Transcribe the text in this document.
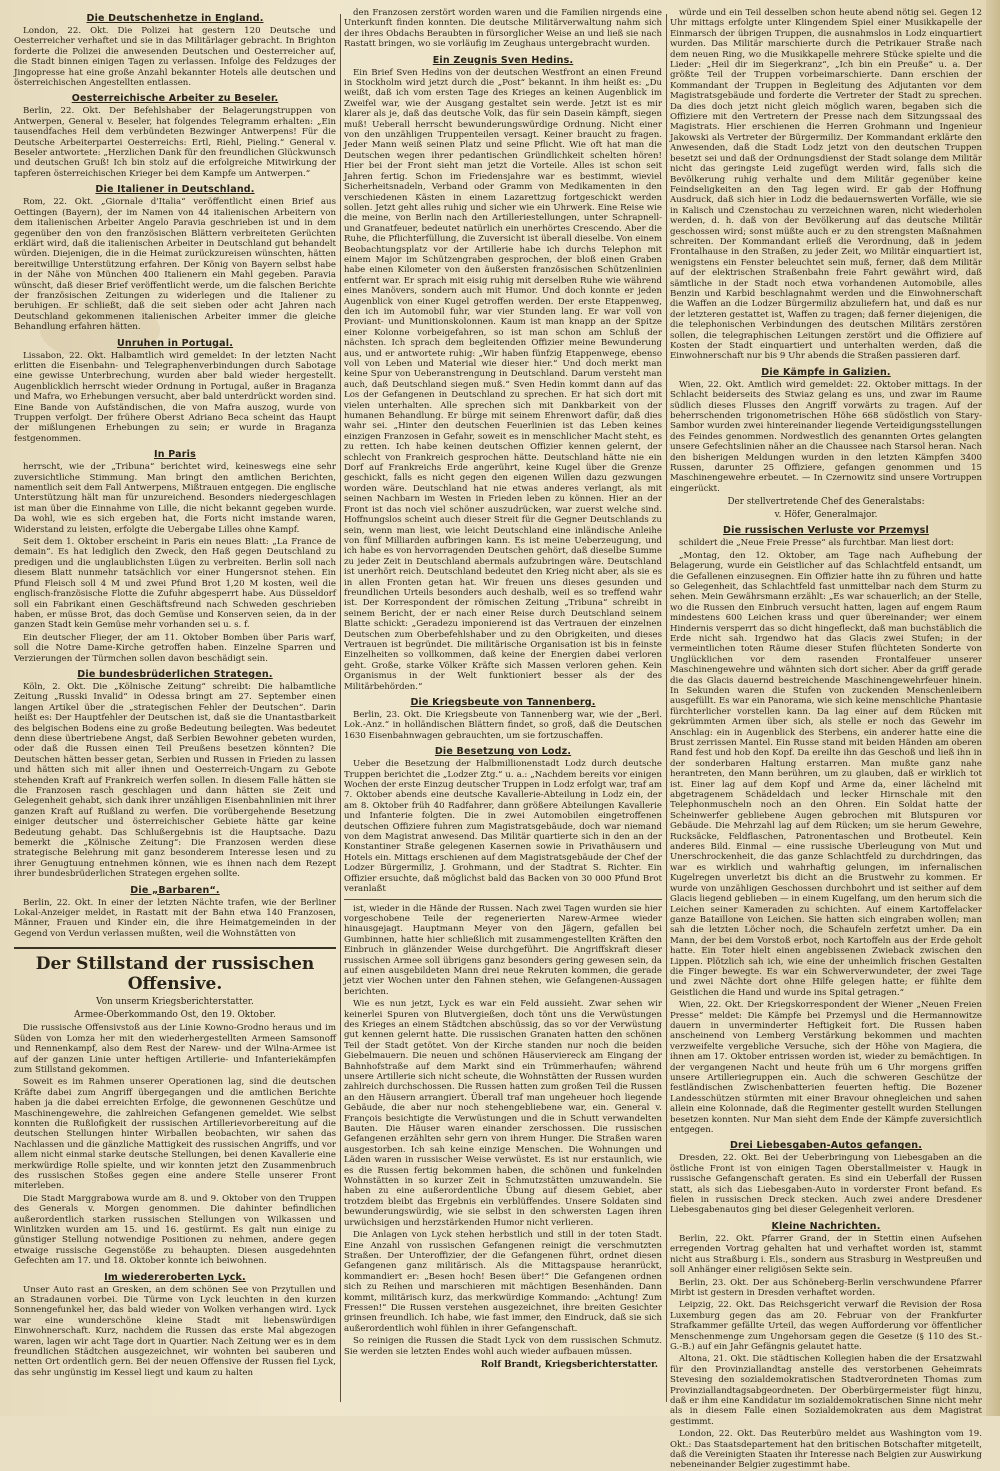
Die Deutschenhetze in England.

London, 22. Okt. Die Polizei hat gestern 120 Deutsche und Oesterreicher verhaftet und sie in das Militärlager gebracht. In Brighton forderte die Polizei die anwesenden Deutschen und Oesterreicher auf, die Stadt binnen einigen Tagen zu verlassen. Infolge des Feldzuges der Jingopresse hat eine große Anzahl bekannter Hotels alle deutschen und österreichischen Angestellten entlassen.

Oesterreichische Arbeiter zu Beseler.

Berlin, 22. Okt. Der Befehlshaber der Belagerungstruppen von Antwerpen, General v. Beseler, hat folgendes Telegramm erhalten: „Ein tausendfaches Heil dem verbündeten Bezwinger Antwerpens! Für die Deutsche Arbeiterpartei Oesterreichs: Ertl, Riehl, Pieling.“ General v. Beseler antwortete: „Herzlichen Dank für den freundlichen Glückwunsch und deutschen Gruß! Ich bin stolz auf die erfolgreiche Mitwirkung der tapferen österreichischen Krieger bei dem Kampfe um Antwerpen.“

Die Italiener in Deutschland.

Rom, 22. Okt. „Giornale d'Italia“ veröffentlicht einen Brief aus Oettingen (Bayern), der im Namen von 44 italienischen Arbeitern von dem italienischen Arbeiter Angelo Paravia geschrieben ist und in dem gegenüber den von den französischen Blättern verbreiteten Gerüchten erklärt wird, daß die italienischen Arbeiter in Deutschland gut behandelt würden. Diejenigen, die in die Heimat zurückzureisen wünschten, hätten bereitwillige Unterstützung erfahren. Der König von Bayern selbst habe in der Nähe von München 400 Italienern ein Mahl gegeben. Paravia wünscht, daß dieser Brief veröffentlicht werde, um die falschen Berichte der französischen Zeitungen zu widerlegen und die Italiener zu beruhigen. Er schließt, daß die seit sieben oder acht Jahren nach Deutschland gekommenen italienischen Arbeiter immer die gleiche Behandlung erfahren hätten.

Unruhen in Portugal.

Lissabon, 22. Okt. Halbamtlich wird gemeldet: In der letzten Nacht erlitten die Eisenbahn- und Telegraphenverbindungen durch Sabotage eine gewisse Unterbrechung, wurden aber bald wieder hergestellt. Augenblicklich herrscht wieder Ordnung in Portugal, außer in Braganza und Mafra, wo Erhebungen versucht, aber bald unterdrückt worden sind. Eine Bande von Aufständischen, die von Mafra auszog, wurde von Truppen verfolgt. Der frühere Oberst Adriano Beca scheint das Haupt der mißlungenen Erhebungen zu sein; er wurde in Braganza festgenommen.

In Paris

herrscht, wie der „Tribuna“ berichtet wird, keineswegs eine sehr zuversichtliche Stimmung. Man bringt den amtlichen Berichten, namentlich seit dem Fall Antwerpens, Mißtrauen entgegen. Die englische Unterstützung hält man für unzureichend. Besonders niedergeschlagen ist man über die Einnahme von Lille, die nicht bekannt gegeben wurde. Da wohl, wie es sich ergeben hat, die Forts nicht imstande waren, Widerstand zu leisten, erfolgte die Uebergabe Lilles ohne Kampf.

Seit dem 1. Oktober erscheint in Paris ein neues Blatt: „La France de demain“. Es hat lediglich den Zweck, den Haß gegen Deutschland zu predigen und die unglaublichsten Lügen zu verbreiten. Berlin soll nach diesem Blatt nunmehr tatsächlich vor einer Hungersnot stehen. Ein Pfund Fleisch soll 4 M und zwei Pfund Brot 1,20 M kosten, weil die englisch-französische Flotte die Zufuhr abgesperrt habe. Aus Düsseldorf soll ein Fabrikant einen Geschäftsfreund nach Schweden geschrieben haben, er müsse Brot, das doch Gemüse und Konserven seien, da in der ganzen Stadt kein Gemüse mehr vorhanden sei u. s. f.

Ein deutscher Flieger, der am 11. Oktober Bomben über Paris warf, soll die Notre Dame-Kirche getroffen haben. Einzelne Sparren und Verzierungen der Türmchen sollen davon beschädigt sein.

Die bundesbrüderlichen Strategen.

Köln, 2. Okt. Die „Kölnische Zeitung“ schreibt: Die halbamtliche Zeitung „Russki Invalid“ in Odessa bringt am 27. September einen langen Artikel über die „strategischen Fehler der Deutschen“. Darin heißt es: Der Hauptfehler der Deutschen ist, daß sie die Unantastbarkeit des belgischen Bodens eine zu große Bedeutung beilegten. Was bedeutet denn diese übertriebene Angst, daß Serbien Bewohner gebeten wurden, oder daß die Russen einen Teil Preußens besetzen könnten? Die Deutschen hätten besser getan, Serbien und Russen in Frieden zu lassen und hätten sich mit aller ihnen und Oesterreich-Ungarn zu Gebote stehenden Kraft auf Frankreich werfen sollen. In diesem Falle hätten sie die Franzosen rasch geschlagen und dann hätten sie Zeit und Gelegenheit gehabt, sich dank ihrer unzähligen Eisenbahnlinien mit ihrer ganzen Kraft auf Rußland zu werfen. Die vorübergehende Besetzung einiger deutscher und österreichischer Gebiete hätte gar keine Bedeutung gehabt. Das Schlußergebnis ist die Hauptsache. Dazu bemerkt die „Kölnische Zeitung“: Die Franzosen werden diese strategische Belehrung mit ganz besonderem Interesse lesen und zu ihrer Genugtuung entnehmen können, wie es ihnen nach dem Rezept ihrer bundesbrüderlichen Strategen ergehen sollte.

Die „Barbaren“.

Berlin, 22. Okt. In einer der letzten Nächte trafen, wie der Berliner Lokal-Anzeiger meldet, in Rastatt mit der Bahn etwa 140 Franzosen, Männer, Frauen und Kinder ein, die ihre Heimatgemeinden in der Gegend von Verdun verlassen mußten, weil die Wohnstätten von

Der Stillstand der russischen Offensive.
Von unserm Kriegsberichterstatter.
Armee-Oberkommando Ost, den 19. Oktober.

Die russische Offensivstoß aus der Linie Kowno-Grodno heraus und im Süden von Lomza her mit den wiederhergestellten Armeen Samsonoff und Rennenkampf, also dem Rest der Narew- und der Wilna-Armee ist auf der ganzen Linie unter heftigen Artillerie- und Infanteriekämpfen zum Stillstand gekommen.

Soweit es im Rahmen unserer Operationen lag, sind die deutschen Kräfte dabei zum Angriff übergegangen und die amtlichen Berichte haben ja die dabei erreichten Erfolge, die gewonnenen Geschütze und Maschinengewehre, die zahlreichen Gefangenen gemeldet. Wie selbst konnten die Rußlofigkeit der russischen Artillerievorbereitung auf die deutschen Stellungen hinter Wirballen beobachten, wir sahen das Nachlassen und die gänzliche Mattigkeit des russischen Angriffs, und vor allem nicht einmal starke deutsche Stellungen, bei denen Kavallerie eine merkwürdige Rolle spielte, und wir konnten jetzt den Zusammenbruch des russischen Stoßes gegen eine andere Stelle unserer Front miterleben.

Die Stadt Marggrabowa wurde am 8. und 9. Oktober von den Truppen des Generals v. Morgen genommen. Die dahinter befindlichen außerordentlich starken russischen Stellungen von Wilkassen und Winlitzken wurden am 15. und 16. gestürmt. Es galt nun einige zu günstiger Stellung notwendige Positionen zu nehmen, andere gegen etwaige russische Gegenstöße zu behaupten. Diesen ausgedehnten Gefechten am 17. und 18. Oktober konnte ich beiwohnen.

Im wiedereroberten Lyck.

Unser Auto rast an Gresken, an dem schönen See von Przytullen und an Stradaunen vorbei. Die Türme von Lyck leuchten in den kurzen Sonnengefunkel her, das bald wieder von Wolken verhangen wird. Lyck war eine wunderschöne kleine Stadt mit liebenswürdigen Einwohnerschaft. Kurz, nachdem die Russen das erste Mal abgezogen waren, lagen wir acht Tage dort in Quartier. Nach Zeitung wer es in dem freundlichen Städtchen ausgezeichnet, wir wohnten bei sauberen und netten Ort ordentlich gern. Bei der neuen Offensive der Russen fiel Lyck, das sehr ungünstig im Kessel liegt und kaum zu halten

den Franzosen zerstört worden waren und die Familien nirgends eine Unterkunft finden konnten. Die deutsche Militärverwaltung nahm sich der ihres Obdachs Beraubten in fürsorglicher Weise an und ließ sie nach Rastatt bringen, wo sie vorläufig im Zeughaus untergebracht wurden.

Ein Zeugnis Sven Hedins.

Ein Brief Sven Hedins von der deutschen Westfront an einen Freund in Stockholm wird jetzt durch die „Post“ bekannt. In ihm heißt es: „Du weißt, daß ich vom ersten Tage des Krieges an keinen Augenblick im Zweifel war, wie der Ausgang gestaltet sein werde. Jetzt ist es mir klarer als je, daß das deutsche Volk, das für sein Dasein kämpft, siegen muß! Ueberall herrscht bewunderungswürdige Ordnung. Nicht einer von den unzähligen Truppenteilen versagt. Keiner braucht zu fragen. Jeder Mann weiß seinen Platz und seine Pflicht. Wie oft hat man die Deutschen wegen ihrer pedantischen Gründlichkeit schelten hören! Hier bei der Front sieht man jetzt die Vorteile. Alles ist schon seit Jahren fertig. Schon im Friedensjahre war es bestimmt, wieviel Sicherheitsnadeln, Verband oder Gramm von Medikamenten in den verschiedenen Kästen in einem Lazarettzug fortgeschickt werden sollen. Jetzt geht alles ruhig und sicher wie ein Uhrwerk. Eine Reise wie die meine, von Berlin nach den Artilleriestellungen, unter Schrapnell- und Granatfeuer, bedeutet natürlich ein unerhörtes Crescendo. Aber die Ruhe, die Pflichterfüllung, die Zuversicht ist überall dieselbe. Von einem Beobachtungsplatz vor der Artillerie habe ich durchs Telephon mit einem Major im Schützengraben gesprochen, der bloß einen Graben habe einen Kilometer von den äußersten französischen Schützenlinien entfernt war. Er sprach mit eisig ruhig mit derselben Ruhe wie während eines Manövers, sondern auch mit Humor. Und doch konnte er jeden Augenblick von einer Kugel getroffen werden. Der erste Etappenweg, den ich im Automobil fuhr, war vier Stunden lang. Er war voll von Proviant- und Munitionskolonnen. Kaum ist man knapp an der Spitze einer Kolonne vorbeigefahren, so ist man schon am Schluß der nächsten. Ich sprach dem begleitenden Offizier meine Bewunderung aus, und er antwortete ruhig: „Wir haben fünfzig Etappenwege, ebenso voll von Leben und Material wie dieser hier.“ Und doch merkt man keine Spur von Ueberanstrengung in Deutschland. Darum versteht man auch, daß Deutschland siegen muß.“ Sven Hedin kommt dann auf das Los der Gefangenen in Deutschland zu sprechen. Er hat sich dort mit vielen unterhalten. Alle sprechen sich mit Dankbarkeit von der humanen Behandlung. Er bürge mit seinem Ehrenwort dafür, daß dies wahr sei. „Hinter den deutschen Feuerlinien ist das Leben keines einzigen Franzosen in Gefahr, soweit es in menschlicher Macht steht, es zu retten. Ich habe keinen deutschen Offizier kennen gelernt, der schlecht von Frankreich gesprochen hätte. Deutschland hätte nie ein Dorf auf Frankreichs Erde angerührt, keine Kugel über die Grenze geschickt, falls es nicht gegen den eigenen Willen dazu gezwungen worden wäre. Deutschland hat nie etwas anderes verlangt, als mit seinen Nachbarn im Westen in Frieden leben zu können. Hier an der Front ist das noch viel schöner auszudrücken, war zuerst welche sind. Hoffnungslos scheint auch dieser Streit für die Gegner Deutschlands zu sein, wenn man liest, wie leicht Deutschland eine inländische Anleihe von fünf Milliarden aufbringen kann. Es ist meine Ueberzeugung, und ich habe es von hervorragenden Deutschen gehört, daß dieselbe Summe zu jeder Zeit in Deutschland abermals aufzubringen wäre. Deutschland ist unerhört reich. Deutschland bedeutet den Krieg nicht aber, als sie es in allen Fronten getan hat. Wir freuen uns dieses gesunden und freundlichen Urteils besonders auch deshalb, weil es so treffend wahr ist. Der Korrespondent der römischen Zeitung „Tribuna“ schreibt in seinem Bericht, der er nach einer Reise durch Deutschland seinem Blatte schickt: „Geradezu imponierend ist das Vertrauen der einzelnen Deutschen zum Oberbefehlshaber und zu den Obrigkeiten, und dieses Vertrauen ist begründet. Die militärische Organisation ist bis in feinste Einzelheiten so vollkommen, daß keine der Energien dabei verloren geht. Große, starke Völker Kräfte sich Massen verloren gehen. Kein Organismus in der Welt funktioniert besser als der des Militärbehörden.“

Die Kriegsbeute von Tannenberg.

Berlin, 23. Okt. Die Kriegsbeute von Tannenberg war, wie der „Berl. Lok.-Anz.“ in holländischen Blättern findet, so groß, daß die Deutschen 1630 Eisenbahnwagen gebrauchten, um sie fortzuschaffen.

Die Besetzung von Lodz.

Ueber die Besetzung der Halbmillionenstadt Lodz durch deutsche Truppen berichtet die „Lodzer Ztg.“ u. a.: „Nachdem bereits vor einigen Wochen der erste Einzug deutscher Truppen in Lodz erfolgt war, traf am 7. Oktober abends eine deutsche Kavallerie-Abteilung in Lodz ein, der am 8. Oktober früh 40 Radfahrer, dann größere Abteilungen Kavallerie und Infanterie folgten. Die in zwei Automobilen eingetroffenen deutschen Offiziere fuhren zum Magistratsgebäude, doch war niemand von dem Magistrat anwesend. Das Militär quartierte sich in den an der Konstantiner Straße gelegenen Kasernen sowie in Privathäusern und Hotels ein. Mittags erschienen auf dem Magistratsgebäude der Chef der Lodzer Bürgermiliz, J. Grohmann, und der Stadtrat S. Richter. Ein Offizier ersuchte, daß möglichst bald das Backen von 30 000 Pfund Brot veranlaßt

ist, wieder in die Hände der Russen. Nach zwei Tagen wurden sie hier vorgeschobene Teile der regenerierten Narew-Armee wieder hinausgejagt. Hauptmann Meyer von den Jägern, gefallen bei Gumbinnen, hatte hier schließlich mit zusammengestellten Kräften den Einbruch in glänzender Weise durchgeführt. Die Angriffskraft dieser russischen Armee soll übrigens ganz besonders gering gewesen sein, da auf einen ausgebildeten Mann drei neue Rekruten kommen, die gerade jetzt vier Wochen unter den Fahnen stehen, wie Gefangenen-Aussagen berichten.

Wie es nun jetzt, Lyck es war ein Feld aussieht. Zwar sehen wir keinerlei Spuren von Blutvergießen, doch tönt uns die Verwüstungen des Krieges an einem Städtchen abschüssig, das so vor der Verwüstung gut kennen gelernt hatte. Die russischen Granaten hatten den schönen Teil der Stadt getötet. Von der Kirche standen nur noch die beiden Giebelmauern. Die neuen und schönen Häuserviereck am Eingang der Bahnhofstraße auf dem Markt sind ein Trümmerhaufen; während unsere Artillerie sich nicht scheute, die Wohnstätten der Russen wurden zahlreich durchschossen. Die Russen hatten zum großen Teil die Russen an den Häusern arrangiert. Überall traf man ungeheuer hoch liegende Gebäude, die aber nur noch stehengebliebene war, ein. General v. François besichtigte die Verwüstungen und die in Schutt verwandelten Bauten. Die Häuser waren einander zerschossen. Die russischen Gefangenen erzählten sehr gern von ihrem Hunger. Die Straßen waren ausgestorben. Ich sah keine einzige Menschen. Die Wohnungen und Läden waren in russischer Weise verwüstet. Es ist nur erstaunlich, wie es die Russen fertig bekommen haben, die schönen und funkelnden Wohnstätten in so kurzer Zeit in Schmutzstätten umzuwandeln. Sie haben zu eine außerordentliche Übung auf diesem Gebiet, aber trotzdem bleibt das Ergebnis ein verblüffendes. Unsere Soldaten sind bewunderungswürdig, wie sie selbst in den schwersten Lagen ihren urwüchsigen und herzstärkenden Humor nicht verlieren.

Die Anlagen von Lyck stehen herbstlich und still in der toten Stadt. Eine Anzahl von russischen Gefangenen reinigt die verschmutzten Straßen. Der Unteroffizier, der die Gefangenen führt, ordnet diesen Gefangenen ganz militärisch. Als die Mittagspause heranrückt, kommandiert er: „Besen hoch! Besen über!“ Die Gefangenen ordnen sich zu Reihen und marschieren mit mächtigen Besenhänden. Dann kommt, militärisch kurz, das merkwürdige Kommando: „Achtung! Zum Fressen!“ Die Russen verstehen ausgezeichnet, ihre breiten Gesichter grinsen freundlich. Ich habe, wie fast immer, den Eindruck, daß sie sich außerordentlich wohl fühlen in ihrer Gefangenschaft.

So reinigen die Russen die Stadt Lyck von dem russischen Schmutz. Sie werden sie letzten Endes wohl auch wieder aufbauen müssen.

Rolf Brandt, Kriegsberichterstatter.

würde und ein Teil desselben schon heute abend nötig sei. Gegen 12 Uhr mittags erfolgte unter Klingendem Spiel einer Musikkapelle der Einmarsch der übrigen Truppen, die ausnahmslos in Lodz einquartiert wurden. Das Militär marschierte durch die Petrikauer Straße nach dem neuen Ring, wo die Musikkapelle mehrere Stücke spielte und die Lieder: „Heil dir im Siegerkranz“, „Ich bin ein Preuße“ u. a. Der größte Teil der Truppen vorbeimarschierte. Dann erschien der Kommandant der Truppen in Begleitung des Adjutanten vor dem Magistratsgebäude und forderte die Vertreter der Stadt zu sprechen. Da dies doch jetzt nicht gleich möglich waren, begaben sich die Offiziere mit den Vertretern der Presse nach dem Sitzungssaal des Magistrats. Hier erschienen die Herren Grohmann und Ingenieur Jakowski als Vertreter der Bürgermiliz. Der Kommandant erklärte den Anwesenden, daß die Stadt Lodz jetzt von den deutschen Truppen besetzt sei und daß der Ordnungsdienst der Stadt solange dem Militär nicht das geringste Leid zugefügt werden wird, falls sich die Bevölkerung ruhig verhalte und dem Militär gegenüber keine Feindseligkeiten an den Tag legen wird. Er gab der Hoffnung Ausdruck, daß sich hier in Lodz die bedauernswerten Vorfälle, wie sie in Kalisch und Czenstochau zu verzeichnen waren, nicht wiederholen werden, d. h. daß von der Bevölkerung auf das deutsche Militär geschossen wird; sonst müßte auch er zu den strengsten Maßnahmen schreiten. Der Kommandant erließ die Verordnung, daß in jedem Frontalhause in den Straßen, zu jeder Zeit, wo Militär einquartiert ist, wenigstens ein Fenster beleuchtet sein muß, ferner, daß dem Militär auf der elektrischen Straßenbahn freie Fahrt gewährt wird, daß sämtliche in der Stadt noch etwa vorhandenen Automobile, alles Benzin und Karbid beschlagnahmt werden und die Einwohnerschaft die Waffen an die Lodzer Bürgermiliz abzuliefern hat, und daß es nur der letzteren gestattet ist, Waffen zu tragen; daß ferner diejenigen, die die telephonischen Verbindungen des deutschen Militärs zerstören sollen, die telegraphischen Leitungen zerstört und die Offiziere auf Kosten der Stadt einquartiert und unterhalten werden, daß die Einwohnerschaft nur bis 9 Uhr abends die Straßen passieren darf.

Die Kämpfe in Galizien.

Wien, 22. Okt. Amtlich wird gemeldet: 22. Oktober mittags. In der Schlacht beiderseits des Stwiaz gelang es uns, und zwar im Raume südlich dieses Flusses den Angriff vorwärts zu tragen. Auf der beherrschenden trigonometrischen Höhe 668 südöstlich von Stary-Sambor wurden zwei hintereinander liegende Verteidigungsstellungen des Feindes genommen. Nordwestlich des genannten Ortes gelangten unsere Gefechtslinien näher an die Chaussee nach Starsol heran. Nach den bisherigen Meldungen wurden in den letzten Kämpfen 3400 Russen, darunter 25 Offiziere, gefangen genommen und 15 Maschinengewehre erbeutet. — In Czernowitz sind unsere Vortruppen eingerückt.

Der stellvertretende Chef des Generalstabs:
v. Höfer, Generalmajor.
Die russischen Verluste vor Przemysl

schildert die „Neue Freie Presse“ als furchtbar. Man liest dort:

„Montag, den 12. Oktober, am Tage nach Aufhebung der Belagerung, wurde ein Geistlicher auf das Schlachtfeld entsandt, um die Gefallenen einzusegnen. Ein Offizier hatte ihn zu führen und hatte so Gelegenheit, das Schlachtfeld fast unmittelbar nach dem Sturm zu sehen. Mein Gewährsmann erzählt: „Es war schauerlich; an der Stelle, wo die Russen den Einbruch versucht hatten, lagen auf engem Raum mindestens 600 Leichen krass und quer übereinander; wer einem Hindernis versperrt das so dicht hingefleckt, daß man buchstäblich die Erde nicht sah. Irgendwo hat das Glacis zwei Stufen; in der vermeintlichen toten Räume dieser Stufen flüchteten Sonderte von Unglücklichen vor dem rasenden Frontalfeuer unserer Maschinengewehre und wähnten sich dort sicher. Aber da griff gerade die das Glacis dauernd bestreichende Maschinengewehrfeuer hinein. In Sekunden waren die Stufen von zuckenden Menschenleibern ausgefüllt. Es war ein Panorama, wie sich keine menschliche Phantasie fürchterlicher vorstellen kann. Da lag einer auf dem Rücken mit gekrümmten Armen über sich, als stelle er noch das Gewehr im Anschlag: ein in Augenblick des Sterbens, ein anderer hatte eine die Brust zerrissen Mantel. Ein Russe stand mit beiden Händen am oberen Rand fest und hob den Kopf. Da ereilte ihn das Geschoß und ließ ihn in der sonderbaren Haltung erstarren. Man mußte ganz nahe herantreten, den Mann berühren, um zu glauben, daß er wirklich tot ist. Einer lag auf dem Kopf und Arme da, einer lächelnd mit abgetragenem Schädeldach und lecker Hirnschale mit den Telephonmuscheln noch an den Ohren. Ein Soldat hatte der Scheinwerfer gebliebene Augen gebrochen mit Blutspuren vor Gebäude. Die Mehrzahl lag auf dem Rücken; um sie herum Gewehre, Rucksäcke, Feldflaschen, Patronentaschen und Brotbeutel. Kein anderes Bild. Einmal — eine russische Uberleugung von Mut und Unerschrockenheit, die das ganze Schlachtfeld zu durchdringen, das war es wirklich und wahrhaftig gelungen, im infernalischen Kugelregen unverletzt bis dicht an die Brustwehr zu kommen. Er wurde von unzähligen Geschossen durchbohrt und ist seither auf dem Glacis liegend geblieben — in einem Kugelfang, um den herum sich die Leichen seiner Kameraden zu schichten. Auf einem Kartoffelacker ganze Bataillone von Leichen. Sie hatten sich eingraben wollen; man sah die letzten Löcher noch, die Schaufeln zerfetzt umher. Da ein Mann, der bei dem Vorstoß erbot, noch Kartoffeln aus der Erde geholt hatte. Ein Toter hielt einen angebissenen Zwieback zwischen den Lippen. Plötzlich sah ich, wie eine der unheimlich frischen Gestalten die Finger bewegte. Es war ein Schwerverwundeter, der zwei Tage und zwei Nächte dort ohne Hilfe gelegen hatte; er fühlte dem Geistlichen die Hand und wurde ins Spital getragen.“

Wien, 22. Okt. Der Kriegskorrespondent der Wiener „Neuen Freien Presse“ meldet: Die Kämpfe bei Przemysl und die Hermannowitze dauern in unverminderter Heftigkeit fort. Die Russen haben anscheinend von Lemberg Verstärkung bekommen und machten verzweifelte vergebliche Versuche, sich der Höhe von Magiera, die ihnen am 17. Oktober entrissen worden ist, wieder zu bemächtigen. In der vergangenen Nacht und heute früh um 6 Uhr morgens griffen unsere Artilleriegruppen ein. Auch die schweren Geschütze der festländischen Zwischenbatterien feuerten heftig. Die Bozener Landesschützen stürmten mit einer Bravour ohnegleichen und sahen allein eine Kolonnade, daß die Regimenter gestellt wurden Stellungen besetzen konnten. Nur Man sieht dem Ende der Kämpfe zuversichtlich entgegen.

Drei Liebesgaben-Autos gefangen.

Dresden, 22. Okt. Bei der Ueberbringung von Liebesgaben an die östliche Front ist von einigen Tagen Oberstallmeister v. Haugk in russische Gefangenschaft geraten. Es sind ein Ueberfall der Russen statt, als sich das Liebesgaben-Auto in vorderster Front befand. Es fielen in russischen Dreck stecken. Auch zwei andere Dresdener Liebesgabenautos ging bei dieser Gelegenheit verloren.

Kleine Nachrichten.

Berlin, 22. Okt. Pfarrer Grand, der in Stettin einen Aufsehen erregenden Vortrag gehalten hat und verhaftet worden ist, stammt nicht aus Straßburg i. Els., sondern aus Strasburg in Westpreußen und soll Anhänger einer religiösen Sekte sein.

Berlin, 23. Okt. Der aus Schöneberg-Berlin verschwundene Pfarrer Mirbt ist gestern in Dresden verhaftet worden.

Leipzig, 22. Okt. Das Reichsgericht verwarf die Revision der Rosa Luxemburg gegen das am 20. Februar von der Frankfurter Strafkammer gefällte Urteil, das wegen Aufforderung vor öffentlicher Menschenmenge zum Ungehorsam gegen die Gesetze (§ 110 des St.-G.-B.) auf ein Jahr Gefängnis gelautet hatte.

Altona, 21. Okt. Die städtischen Kollegien haben die der Ersatzwahl für den Provinziallandtag anstelle des verstorbenen Geheimrats Stevesing den sozialdemokratischen Stadtverordneten Thomas zum Provinziallandtagsabgeordneten. Der Oberbürgermeister fügt hinzu, daß er ihm eine Kandidatur im sozialdemokratischen Sinne nicht mehr als in diesem Falle einen Sozialdemokraten aus dem Magistrat gestimmt.

London, 22. Okt. Das Reuterbüro meldet aus Washington vom 19. Okt.: Das Staatsdepartement hat den britischen Botschafter mitgeteilt, daß die Vereinigten Staaten ihr Interesse nach Belgien zur Auswirkung nebeneinander Belgier zugestimmt habe.
